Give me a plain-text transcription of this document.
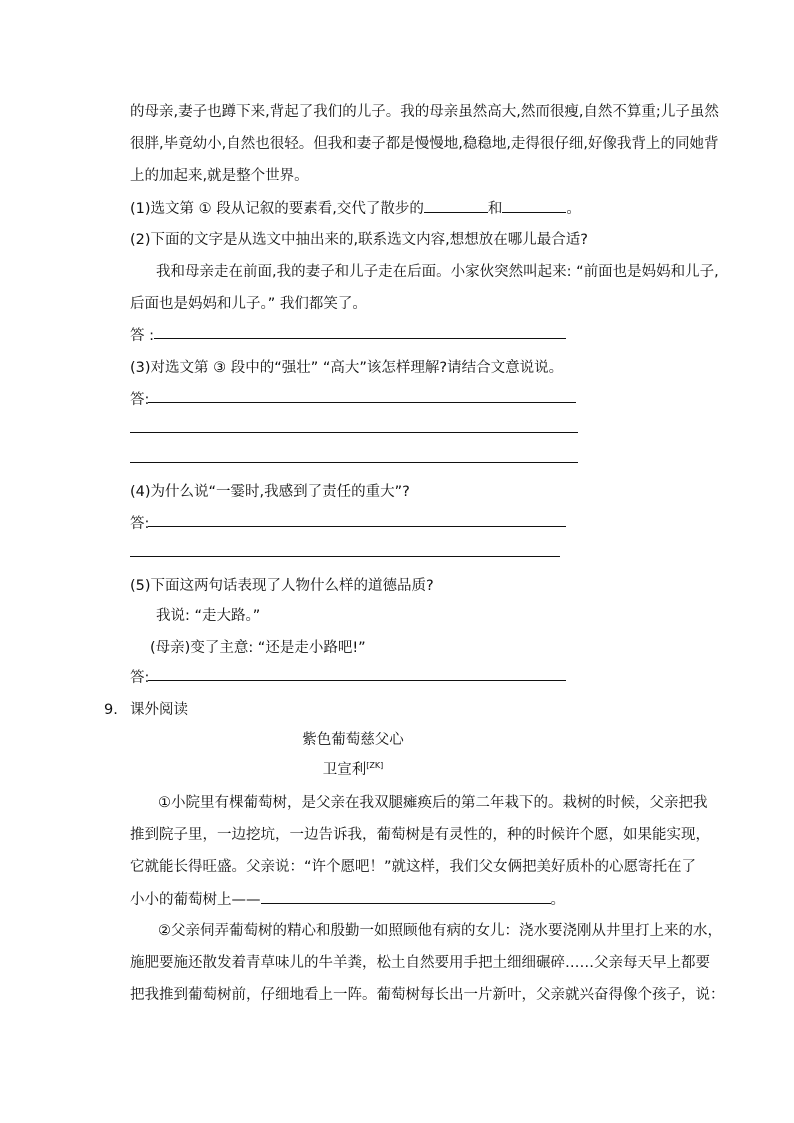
的母亲,妻子也蹲下来,背起了我们的儿子。我的母亲虽然高大,然而很瘦,自然不算重;儿子虽然
很胖,毕竟幼小,自然也很轻。但我和妻子都是慢慢地,稳稳地,走得很仔细,好像我背上的同她背
上的加起来,就是整个世界。
(1)选文第 ① 段从记叙的要素看,交代了散步的	和	。
(2)下面的文字是从选文中抽出来的,联系选文内容,想想放在哪儿最合适?
我和母亲走在前面,我的妻子和儿子走在后面。小家伙突然叫起来: “前面也是妈妈和儿子,
后面也是妈妈和儿子。” 我们都笑了。
答 :
(3)对选文第 ③ 段中的“强壮” “高大”该怎样理解?请结合文意说说。
答:
(4)为什么说“一霎时,我感到了责任的重大”?
答:
(5)下面这两句话表现了人物什么样的道德品质?
我说: “走大路。”
(母亲)变了主意: “还是走小路吧!”
答:
9. 课外阅读
紫色葡萄慈父心
卫宣利[ZK]
①小院里有棵葡萄树，是父亲在我双腿瘫痪后的第二年栽下的。栽树的时候，父亲把我
推到院子里，一边挖坑，一边告诉我，葡萄树是有灵性的，种的时候许个愿，如果能实现，
它就能长得旺盛。父亲说：“许个愿吧！”就这样，我们父女俩把美好质朴的心愿寄托在了
小小的葡萄树上——	。
②父亲伺弄葡萄树的精心和殷勤一如照顾他有病的女儿：浇水要浇刚从井里打上来的水，
施肥要施还散发着青草味儿的牛羊粪，松土自然要用手把土细细碾碎……父亲每天早上都要
把我推到葡萄树前，仔细地看上一阵。葡萄树每长出一片新叶，父亲就兴奋得像个孩子，说：
